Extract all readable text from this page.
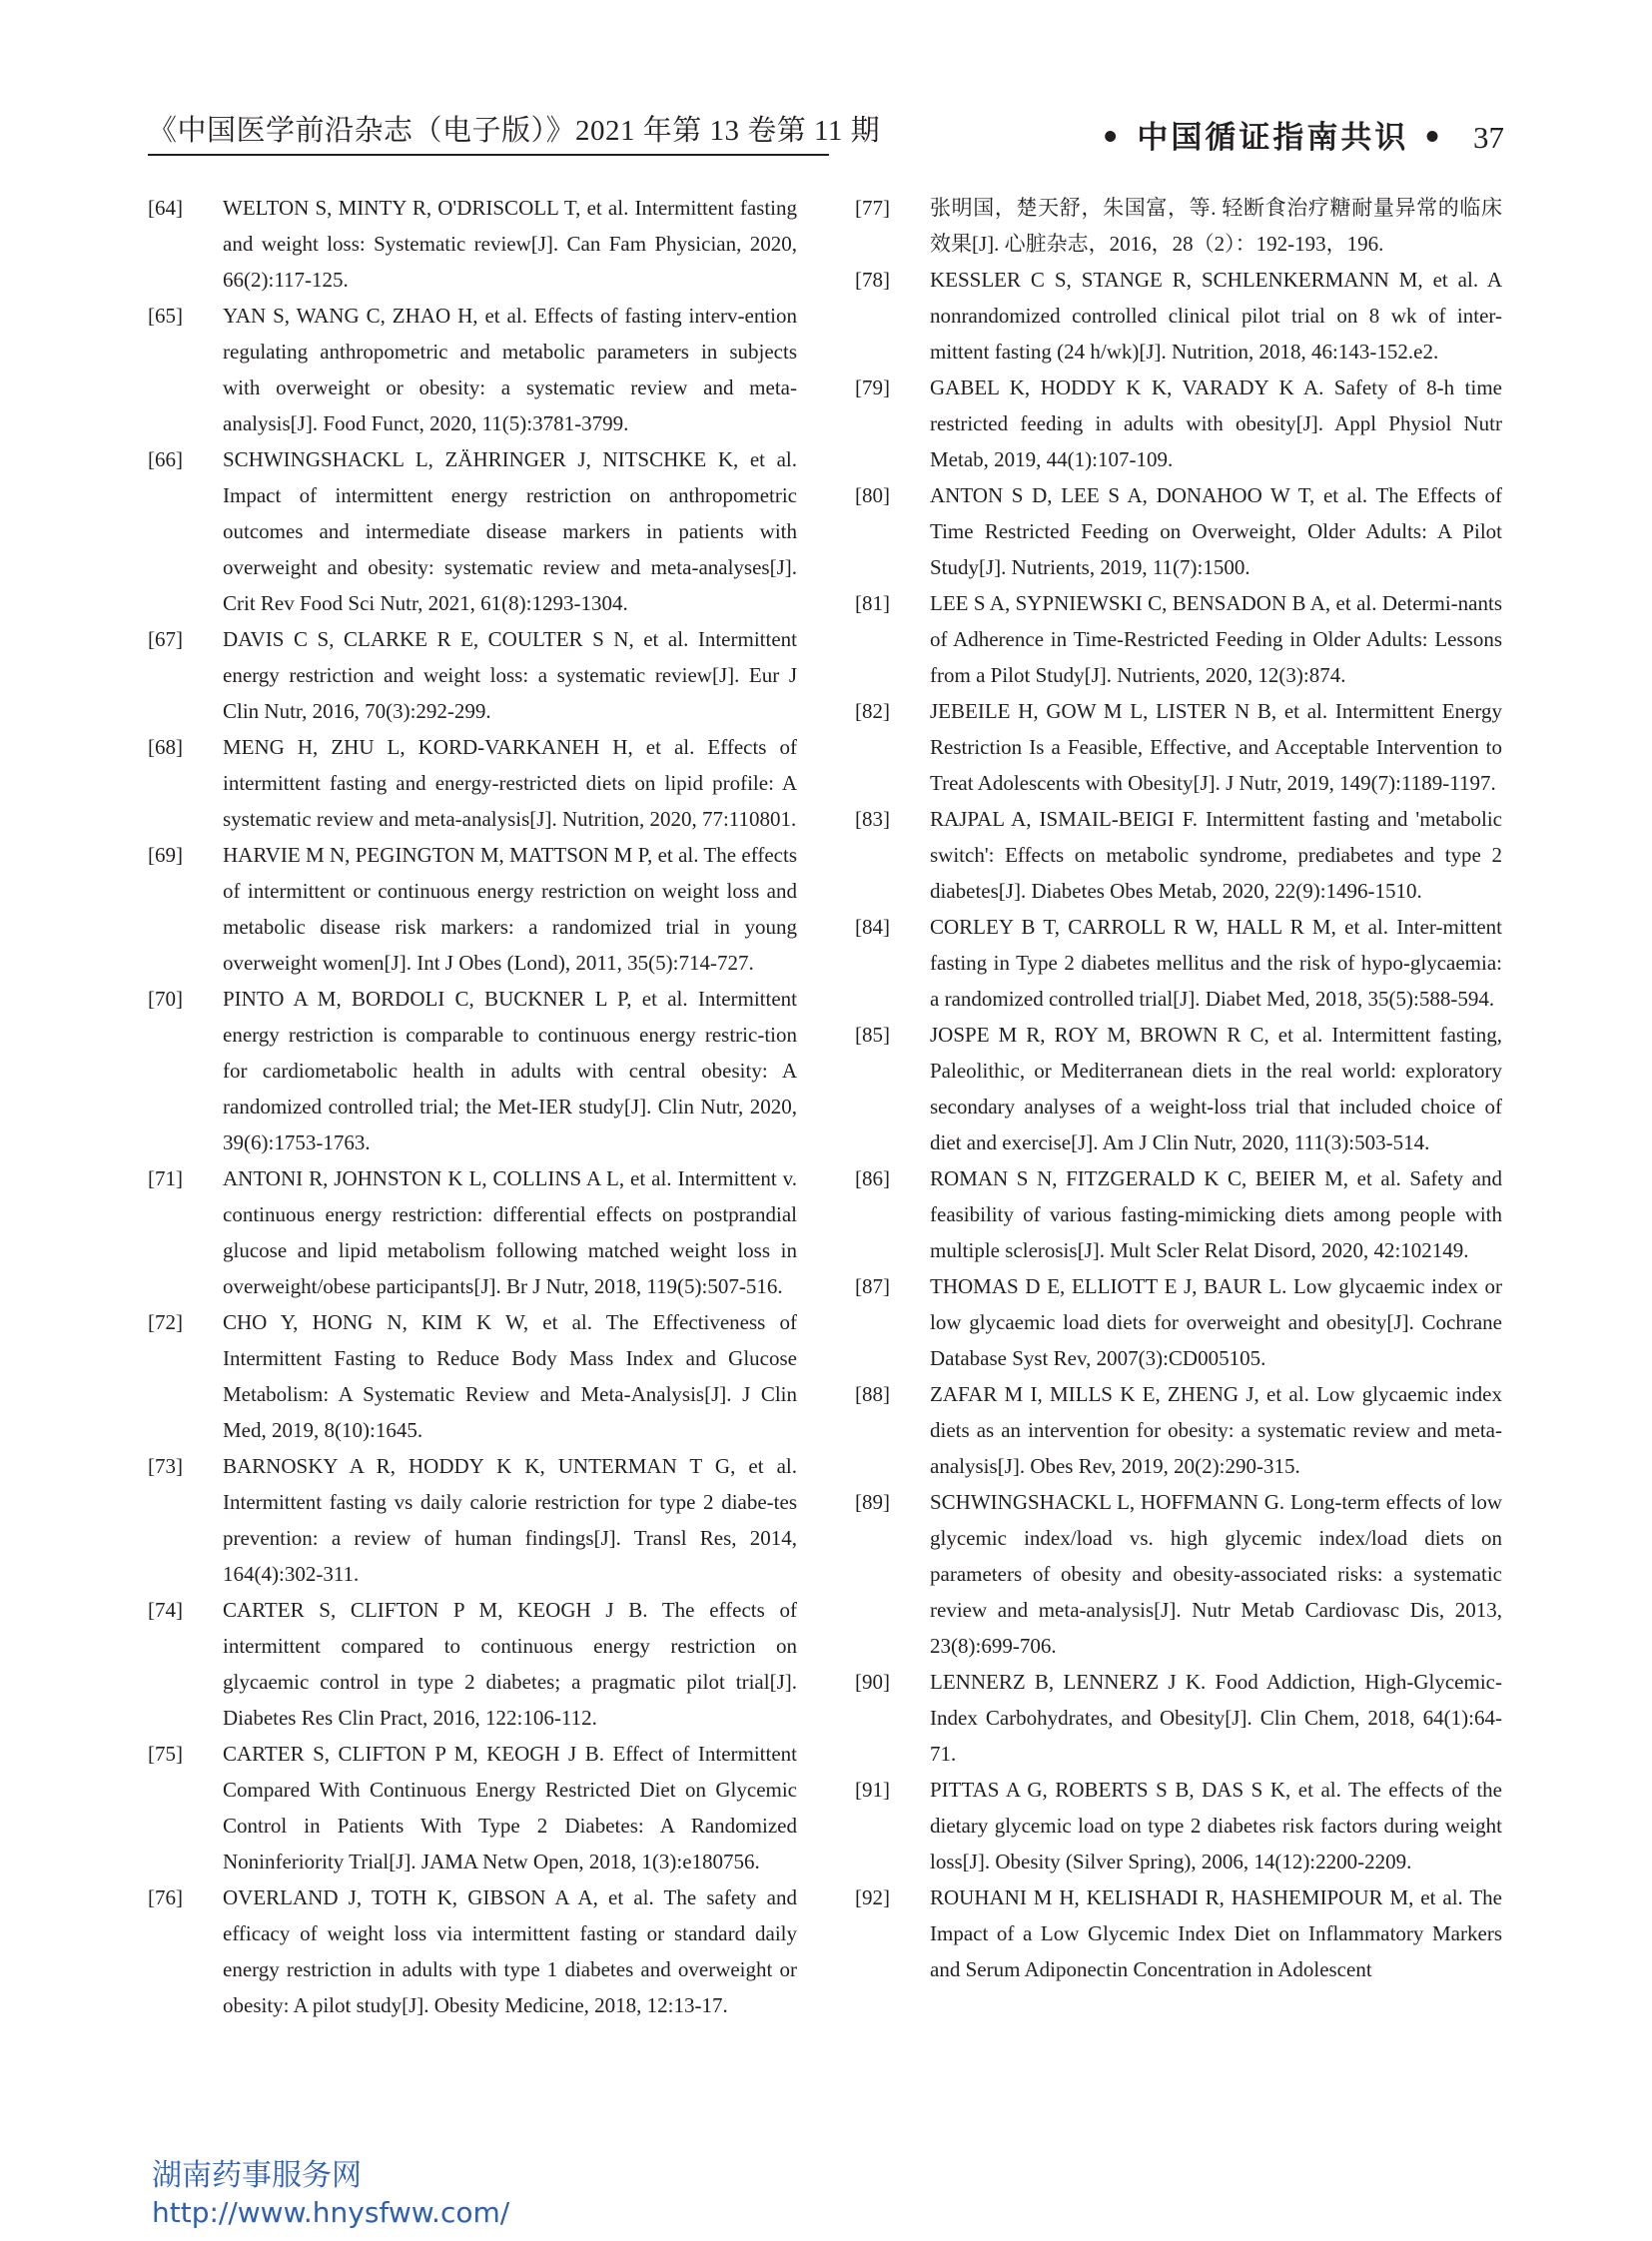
《中国医学前沿杂志（电子版）》2021 年第 13 卷第 11 期	• 中国循证指南共识 • 37
[64]	WELTON S, MINTY R, O'DRISCOLL T, et al. Intermittent fasting and weight loss: Systematic review[J]. Can Fam Physician, 2020, 66(2):117-125.
[65]	YAN S, WANG C, ZHAO H, et al. Effects of fasting interv-ention regulating anthropometric and metabolic parameters in subjects with overweight or obesity: a systematic review and meta-analysis[J]. Food Funct, 2020, 11(5):3781-3799.
[66]	SCHWINGSHACKL L, ZÄHRINGER J, NITSCHKE K, et al. Impact of intermittent energy restriction on anthropometric outcomes and intermediate disease markers in patients with overweight and obesity: systematic review and meta-analyses[J]. Crit Rev Food Sci Nutr, 2021, 61(8):1293-1304.
[67]	DAVIS C S, CLARKE R E, COULTER S N, et al. Intermittent energy restriction and weight loss: a systematic review[J]. Eur J Clin Nutr, 2016, 70(3):292-299.
[68]	MENG H, ZHU L, KORD-VARKANEH H, et al. Effects of intermittent fasting and energy-restricted diets on lipid profile: A systematic review and meta-analysis[J]. Nutrition, 2020, 77:110801.
[69]	HARVIE M N, PEGINGTON M, MATTSON M P, et al. The effects of intermittent or continuous energy restriction on weight loss and metabolic disease risk markers: a randomized trial in young overweight women[J]. Int J Obes (Lond), 2011, 35(5):714-727.
[70]	PINTO A M, BORDOLI C, BUCKNER L P, et al. Intermittent energy restriction is comparable to continuous energy restric-tion for cardiometabolic health in adults with central obesity: A randomized controlled trial; the Met-IER study[J]. Clin Nutr, 2020, 39(6):1753-1763.
[71]	ANTONI R, JOHNSTON K L, COLLINS A L, et al. Intermittent v. continuous energy restriction: differential effects on postprandial glucose and lipid metabolism following matched weight loss in overweight/obese participants[J]. Br J Nutr, 2018, 119(5):507-516.
[72]	CHO Y, HONG N, KIM K W, et al. The Effectiveness of Intermittent Fasting to Reduce Body Mass Index and Glucose Metabolism: A Systematic Review and Meta-Analysis[J]. J Clin Med, 2019, 8(10):1645.
[73]	BARNOSKY A R, HODDY K K, UNTERMAN T G, et al. Intermittent fasting vs daily calorie restriction for type 2 diabe-tes prevention: a review of human findings[J]. Transl Res, 2014, 164(4):302-311.
[74]	CARTER S, CLIFTON P M, KEOGH J B. The effects of intermittent compared to continuous energy restriction on glycaemic control in type 2 diabetes; a pragmatic pilot trial[J]. Diabetes Res Clin Pract, 2016, 122:106-112.
[75]	CARTER S, CLIFTON P M, KEOGH J B. Effect of Intermittent Compared With Continuous Energy Restricted Diet on Glycemic Control in Patients With Type 2 Diabetes: A Randomized Noninferiority Trial[J]. JAMA Netw Open, 2018, 1(3):e180756.
[76]	OVERLAND J, TOTH K, GIBSON A A, et al. The safety and efficacy of weight loss via intermittent fasting or standard daily energy restriction in adults with type 1 diabetes and overweight or obesity: A pilot study[J]. Obesity Medicine, 2018, 12:13-17.
[77]	张明国，楚天舒，朱国富，等. 轻断食治疗糖耐量异常的临床效果[J]. 心脏杂志，2016，28（2）：192-193，196.
[78]	KESSLER C S, STANGE R, SCHLENKERMANN M, et al. A nonrandomized controlled clinical pilot trial on 8 wk of inter-mittent fasting (24 h/wk)[J]. Nutrition, 2018, 46:143-152.e2.
[79]	GABEL K, HODDY K K, VARADY K A. Safety of 8-h time restricted feeding in adults with obesity[J]. Appl Physiol Nutr Metab, 2019, 44(1):107-109.
[80]	ANTON S D, LEE S A, DONAHOO W T, et al. The Effects of Time Restricted Feeding on Overweight, Older Adults: A Pilot Study[J]. Nutrients, 2019, 11(7):1500.
[81]	LEE S A, SYPNIEWSKI C, BENSADON B A, et al. Determi-nants of Adherence in Time-Restricted Feeding in Older Adults: Lessons from a Pilot Study[J]. Nutrients, 2020, 12(3):874.
[82]	JEBEILE H, GOW M L, LISTER N B, et al. Intermittent Energy Restriction Is a Feasible, Effective, and Acceptable Intervention to Treat Adolescents with Obesity[J]. J Nutr, 2019, 149(7):1189-1197.
[83]	RAJPAL A, ISMAIL-BEIGI F. Intermittent fasting and 'metabolic switch': Effects on metabolic syndrome, prediabetes and type 2 diabetes[J]. Diabetes Obes Metab, 2020, 22(9):1496-1510.
[84]	CORLEY B T, CARROLL R W, HALL R M, et al. Inter-mittent fasting in Type 2 diabetes mellitus and the risk of hypo-glycaemia: a randomized controlled trial[J]. Diabet Med, 2018, 35(5):588-594.
[85]	JOSPE M R, ROY M, BROWN R C, et al. Intermittent fasting, Paleolithic, or Mediterranean diets in the real world: exploratory secondary analyses of a weight-loss trial that included choice of diet and exercise[J]. Am J Clin Nutr, 2020, 111(3):503-514.
[86]	ROMAN S N, FITZGERALD K C, BEIER M, et al. Safety and feasibility of various fasting-mimicking diets among people with multiple sclerosis[J]. Mult Scler Relat Disord, 2020, 42:102149.
[87]	THOMAS D E, ELLIOTT E J, BAUR L. Low glycaemic index or low glycaemic load diets for overweight and obesity[J]. Cochrane Database Syst Rev, 2007(3):CD005105.
[88]	ZAFAR M I, MILLS K E, ZHENG J, et al. Low glycaemic index diets as an intervention for obesity: a systematic review and meta-analysis[J]. Obes Rev, 2019, 20(2):290-315.
[89]	SCHWINGSHACKL L, HOFFMANN G. Long-term effects of low glycemic index/load vs. high glycemic index/load diets on parameters of obesity and obesity-associated risks: a systematic review and meta-analysis[J]. Nutr Metab Cardiovasc Dis, 2013, 23(8):699-706.
[90]	LENNERZ B, LENNERZ J K. Food Addiction, High-Glycemic-Index Carbohydrates, and Obesity[J]. Clin Chem, 2018, 64(1):64-71.
[91]	PITTAS A G, ROBERTS S B, DAS S K, et al. The effects of the dietary glycemic load on type 2 diabetes risk factors during weight loss[J]. Obesity (Silver Spring), 2006, 14(12):2200-2209.
[92]	ROUHANI M H, KELISHADI R, HASHEMIPOUR M, et al. The Impact of a Low Glycemic Index Diet on Inflammatory Markers and Serum Adiponectin Concentration in Adolescent
湖南药事服务网
http://www.hnysfww.com/
